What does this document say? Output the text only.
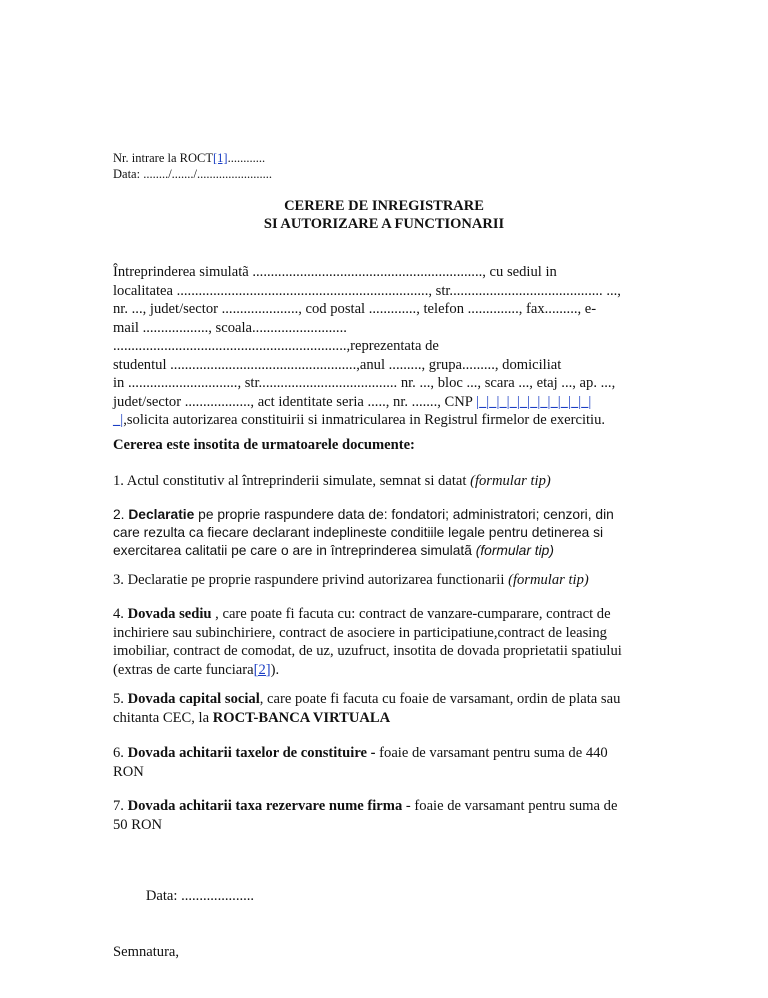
Nr. intrare la ROCT[1]............
Data: ......../......./........................
CERERE DE INREGISTRARE
SI AUTORIZARE A FUNCTIONARII
Întreprinderea simulatã ..............................................................., cu sediul in
localitatea ....................................................................., str.......................................... ...,
nr. ..., judet/sector ....................., cod postal ............., telefon .............., fax........., e-
mail .................., scoala..........................
................................................................,reprezentata de
studentul ...................................................,anul ........., grupa........., domiciliat
in .............................., str...................................... nr. ..., bloc ..., scara ..., etaj ..., ap. ...,
judet/sector .................., act identitate seria ....., nr. ......., CNP |_|_|_|_|_|_|_|_|_|_|_|
_|,solicita autorizarea constituirii si inmatricularea in Registrul firmelor de exercitiu.
Cererea este insotita de urmatoarele documente:
1. Actul constitutiv al întreprinderii simulate, semnat si datat (formular tip)
2. Declaratie pe proprie raspundere data de: fondatori; administratori; cenzori, din
care rezulta ca fiecare declarant indeplineste conditiile legale pentru detinerea si
exercitarea calitatii pe care o are in întreprinderea simulatã (formular tip)
3. Declaratie pe proprie raspundere privind autorizarea functionarii (formular tip)
4. Dovada sediu , care poate fi facuta cu: contract de vanzare-cumparare, contract de
inchiriere sau subinchiriere, contract de asociere in participatiune,contract de leasing
imobiliar, contract de comodat, de uz, uzufruct, insotita de dovada proprietatii spatiului
(extras de carte funciara[2]).
5. Dovada capital social, care poate fi facuta cu foaie de varsamant, ordin de plata sau
chitanta CEC, la ROCT-BANCA VIRTUALA
6. Dovada achitarii taxelor de constituire - foaie de varsamant pentru suma de 440
RON
7. Dovada achitarii taxa rezervare nume firma - foaie de varsamant pentru suma de
50 RON

Data: ....................

Semnatura,
